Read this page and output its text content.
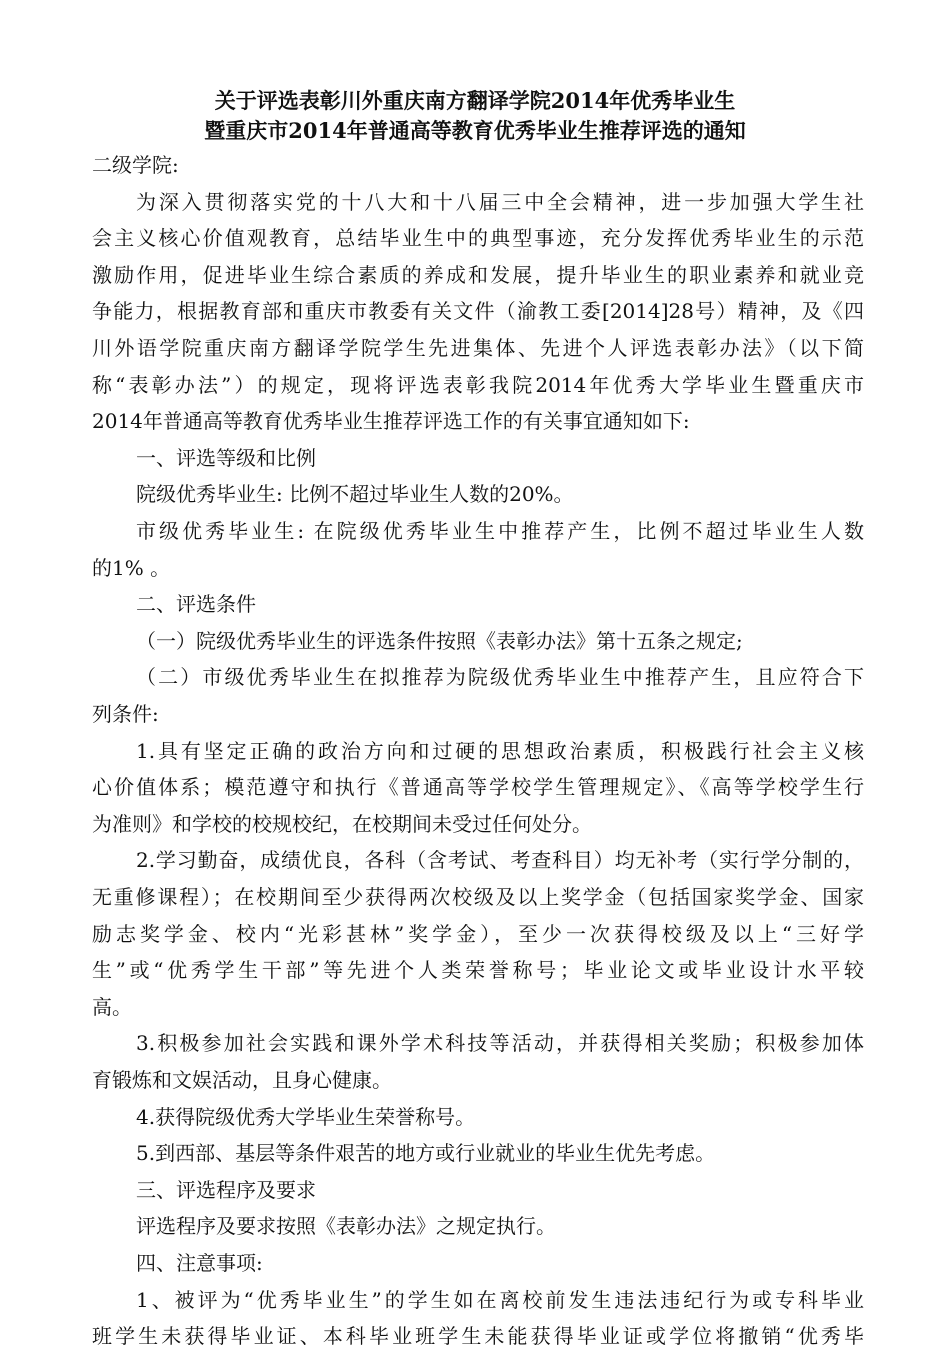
关于评选表彰川外重庆南方翻译学院2014年优秀毕业生
暨重庆市2014年普通高等教育优秀毕业生推荐评选的通知
二级学院:
为深入贯彻落实党的十八大和十八届三中全会精神，进一步加强大学生社
会主义核心价值观教育，总结毕业生中的典型事迹，充分发挥优秀毕业生的示范
激励作用，促进毕业生综合素质的养成和发展，提升毕业生的职业素养和就业竞
争能力，根据教育部和重庆市教委有关文件（渝教工委[2014]28号）精神，及《四
川外语学院重庆南方翻译学院学生先进集体、先进个人评选表彰办法》（以下简
称“表彰办法”）的规定，现将评选表彰我院2014年优秀大学毕业生暨重庆市
2014年普通高等教育优秀毕业生推荐评选工作的有关事宜通知如下:
一、评选等级和比例
院级优秀毕业生: 比例不超过毕业生人数的20%。
市级优秀毕业生: 在院级优秀毕业生中推荐产生，比例不超过毕业生人数
的1% 。
二、评选条件
（一）院级优秀毕业生的评选条件按照《表彰办法》第十五条之规定;
（二）市级优秀毕业生在拟推荐为院级优秀毕业生中推荐产生，且应符合下
列条件:
1.具有坚定正确的政治方向和过硬的思想政治素质，积极践行社会主义核
心价值体系；模范遵守和执行《普通高等学校学生管理规定》、《高等学校学生行
为准则》和学校的校规校纪，在校期间未受过任何处分。
2.学习勤奋，成绩优良，各科（含考试、考查科目）均无补考（实行学分制的，
无重修课程）；在校期间至少获得两次校级及以上奖学金（包括国家奖学金、国家
励志奖学金、校内“光彩甚林”奖学金），至少一次获得校级及以上“三好学
生”或“优秀学生干部”等先进个人类荣誉称号；毕业论文或毕业设计水平较
高。
3.积极参加社会实践和课外学术科技等活动，并获得相关奖励；积极参加体
育锻炼和文娱活动，且身心健康。
4.获得院级优秀大学毕业生荣誉称号。
5.到西部、基层等条件艰苦的地方或行业就业的毕业生优先考虑。
三、评选程序及要求
评选程序及要求按照《表彰办法》之规定执行。
四、注意事项:
1、被评为“优秀毕业生”的学生如在离校前发生违法违纪行为或专科毕业
班学生未获得毕业证、本科毕业班学生未能获得毕业证或学位将撤销“优秀毕
